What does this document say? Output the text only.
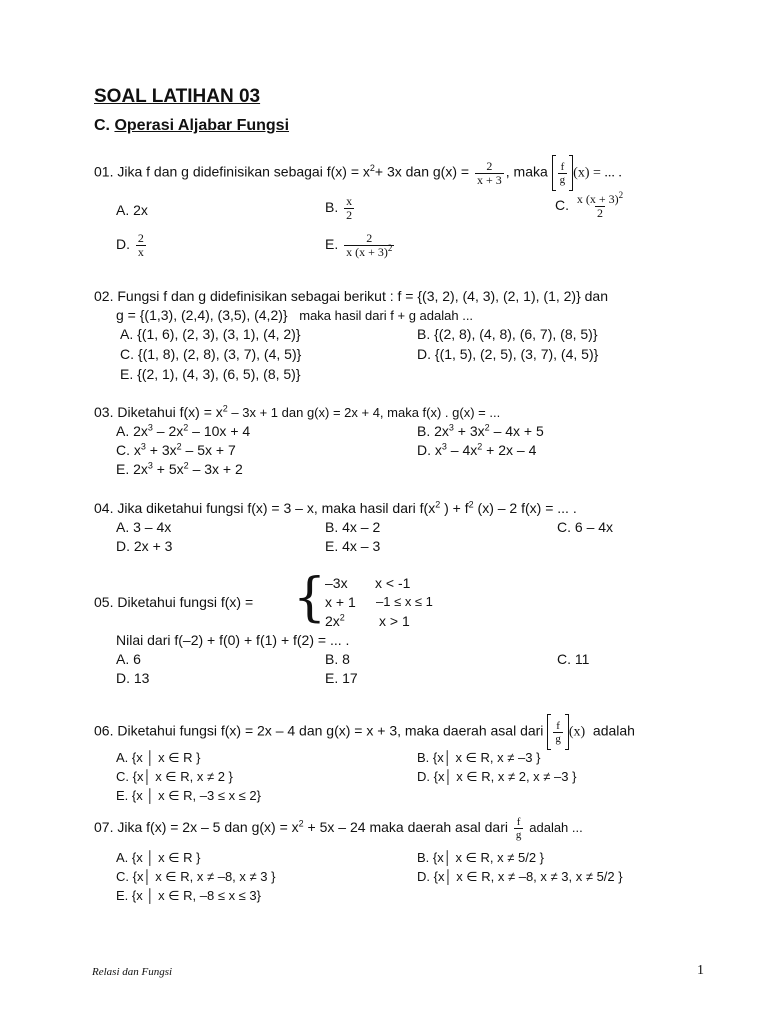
SOAL LATIHAN 03
C. Operasi Aljabar Fungsi
01. Jika f dan g didefinisikan sebagai $f(x) = x^2+ 3x$ dan $g(x) = \frac{2}{x + 3}$ , maka $\frac{f}{g} (x)$ = ... .
A. 2x	B. $\frac{x}{2}$	C. $\frac{x (x + 3)^2}{2}$
D. $\frac{2}{x}$	E. $\frac{2}{x (x + 3)^2}$
02. Fungsi f dan g didefinisikan sebagai berikut : f = {(3, 2), (4, 3), (2, 1), (1, 2)} dan
g = {(1,3), (2,4), (3,5), (4,2)} maka hasil dari f + g adalah ...
A. {(1, 6), (2, 3), (3, 1), (4, 2)}	B. {(2, 8), (4, 8), (6, 7), (8, 5)}
C. {(1, 8), (2, 8), (3, 7), (4, 5)}	D. {(1, 5), (2, 5), (3, 7), (4, 5)}
E. {(2, 1), (4, 3), (6, 5), (8, 5)}
03. Diketahui $f(x) = x^2 - 3x + 1$ dan g(x) = 2x + 4, maka f(x) . g(x) = ...
A. $2x^3 - 2x^2 - 10x + 4$	B. $2x^3 + 3x^2 - 4x + 5$
C. $x^3 + 3x^2 - 5x + 7$	D. $x^3 - 4x^2 + 2x - 4$
E. $2x^3 + 5x^2 - 3x + 2$
04. Jika diketahui fungsi f(x) = 3 – x, maka hasil dari $f(x^2$ ) + $f^2$ (x) – 2 f(x) = ... .
A. 3 – 4x	B. 4x – 2	C. 6 – 4x
D. 2x + 3	E. 4x – 3
05. Diketahui fungsi f(x) = {
–3x x < -1
x + 1 –1 ≤ x ≤ 1
$2x^2$ x > 1
Nilai dari f(–2) + f(0) + f(1) + f(2) = ... .
A. 6	B. 8	C. 11
D. 13	E. 17
06. Diketahui fungsi f(x) = 2x – 4 dan g(x) = x + 3, maka daerah asal dari $\frac{f}{g} (x)$ adalah
A. {x │ x ∈ R }	B. {x│ x ∈ R, x ≠ –3 }
C. {x│ x ∈ R, x ≠ 2 }	D. {x│ x ∈ R, x ≠ 2, x ≠ –3 }
E. {x │ x ∈ R, –3 ≤ x ≤ 2}
07. Jika f(x) = 2x – 5 dan $g(x) = x^2 + 5x - 24$ maka daerah asal dari $\frac{f}{g}$ adalah ...
A. {x │ x ∈ R }	B. {x│ x ∈ R, x ≠ 5/2 }
C. {x│ x ∈ R, x ≠ –8, x ≠ 3 }	D. {x│ x ∈ R, x ≠ –8, x ≠ 3, x ≠ 5/2 }
E. {x │ x ∈ R, –8 ≤ x ≤ 3}
Relasi dan Fungsi	1
